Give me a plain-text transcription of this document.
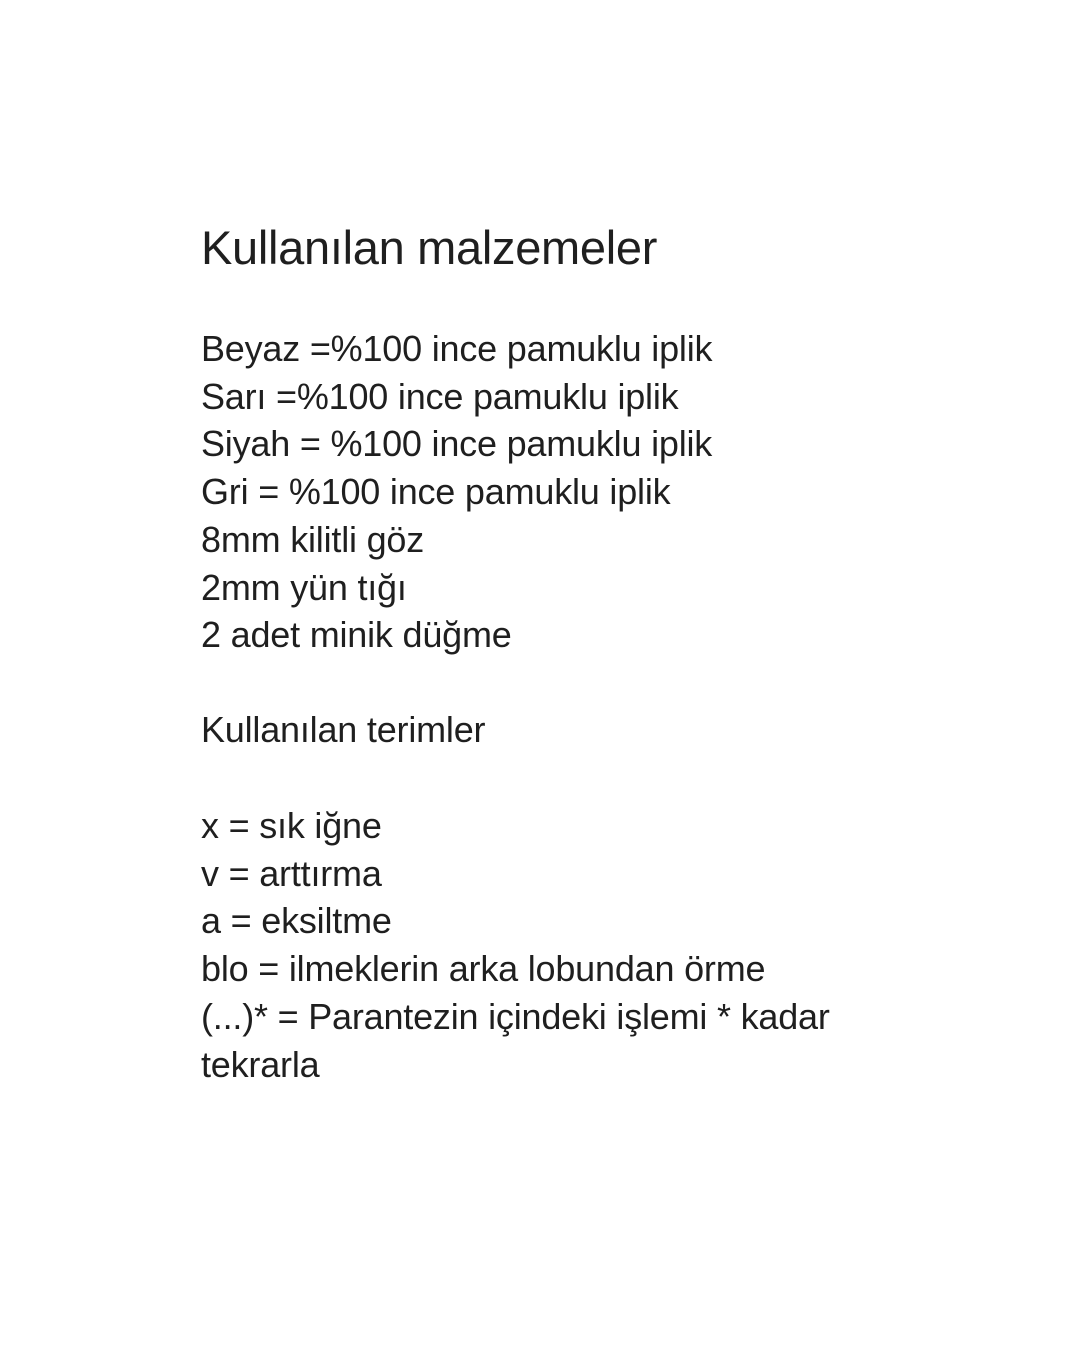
Kullanılan malzemeler
Beyaz =%100 ince pamuklu iplik
Sarı =%100 ince pamuklu iplik
Siyah = %100 ince pamuklu iplik
Gri = %100 ince pamuklu iplik
8mm kilitli göz
2mm yün tığı
2 adet minik düğme
Kullanılan terimler
x = sık iğne
v = arttırma
a = eksiltme
blo = ilmeklerin arka lobundan örme
(...)* = Parantezin içindeki işlemi * kadar tekrarla
